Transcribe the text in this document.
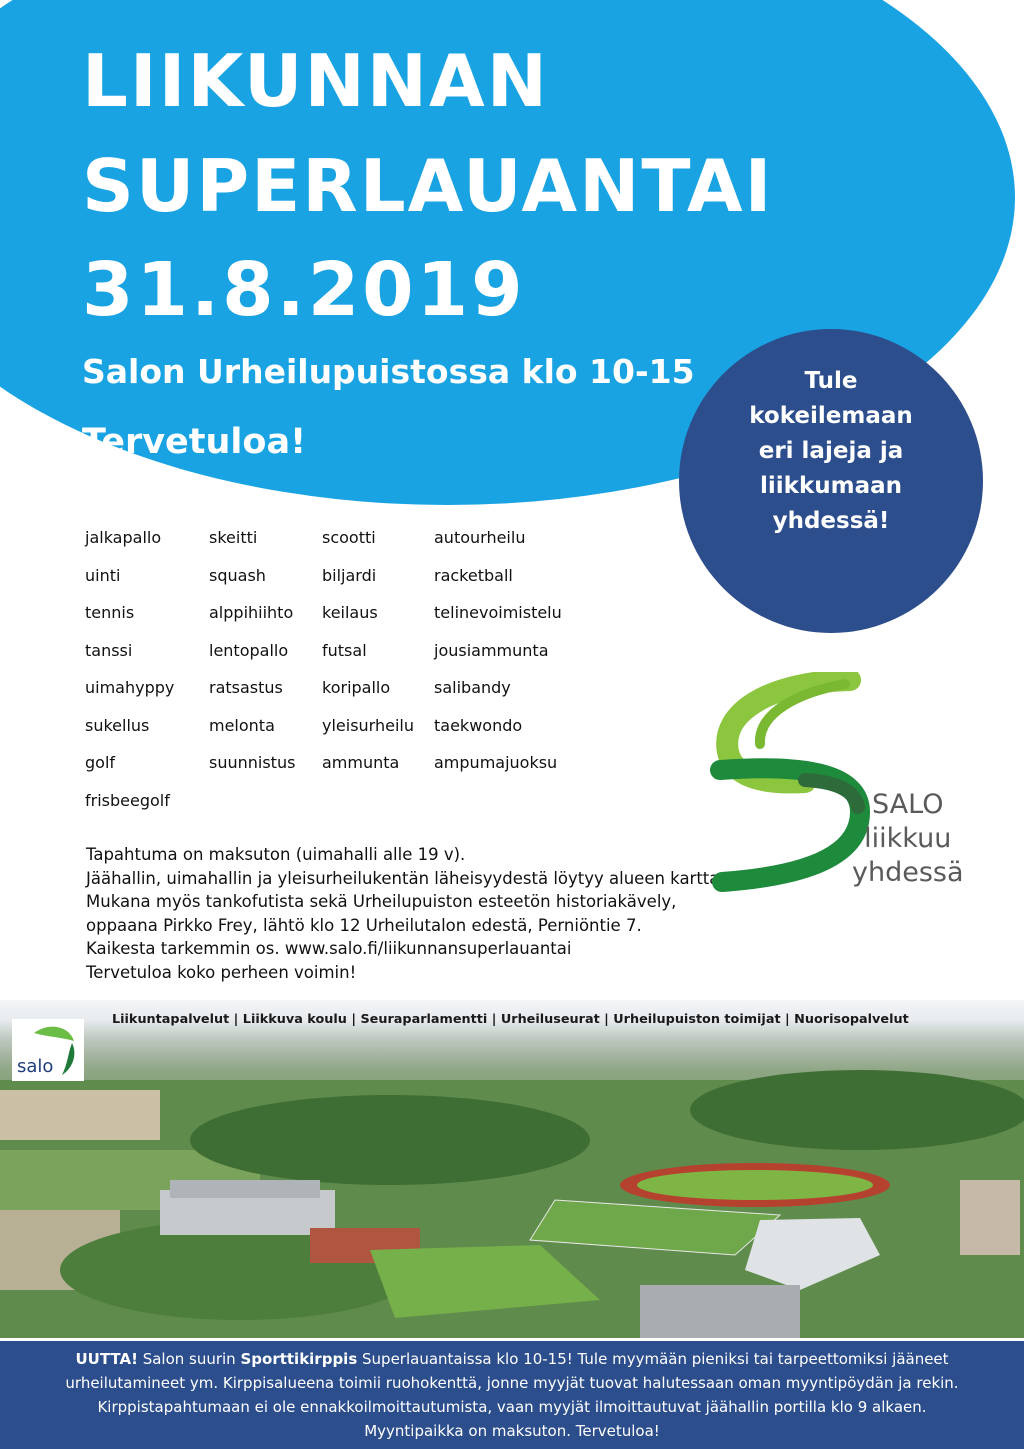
LIIKUNNAN
SUPERLAUANTAI
31.8.2019
Salon Urheilupuistossa klo 10-15
Tervetuloa!
Tule
kokeilemaan
eri lajeja ja
liikkumaan
yhdessä!
jalkapallo	skeitti	scootti	autourheilu
uinti	squash	biljardi	racketball
tennis	alppihiihto	keilaus	telinevoimistelu
tanssi	lentopallo	futsal	jousiammunta
uimahyppy	ratsastus	koripallo	salibandy
sukellus	melonta	yleisurheilu	taekwondo
golf	suunnistus	ammunta	ampumajuoksu
frisbeegolf
Tapahtuma on maksuton (uimahalli alle 19 v).
Jäähallin, uimahallin ja yleisurheilukentän läheisyydestä löytyy alueen kartta.
Mukana myös tankofutista sekä Urheilupuiston esteetön historiakävely,
oppaana Pirkko Frey, lähtö klo 12 Urheilutalon edestä, Perniöntie 7.
Kaikesta tarkemmin os. www.salo.fi/liikunnansuperlauantai
Tervetuloa koko perheen voimin!
SALO
liikkuu
yhdessä
Liikuntapalvelut | Liikkuva koulu | Seuraparlamentti | Urheiluseurat | Urheilupuiston toimijat | Nuorisopalvelut
salo
UUTTA! Salon suurin Sporttikirppis Superlauantaissa klo 10-15! Tule myymään pieniksi tai tarpeettomiksi jääneet
urheilutamineet ym. Kirppisalueena toimii ruohokenttä, jonne myyjät tuovat halutessaan oman myyntipöydän ja rekin.
Kirppistapahtumaan ei ole ennakkoilmoittautumista, vaan myyjät ilmoittautuvat jäähallin portilla klo 9 alkaen.
Myyntipaikka on maksuton. Tervetuloa!
